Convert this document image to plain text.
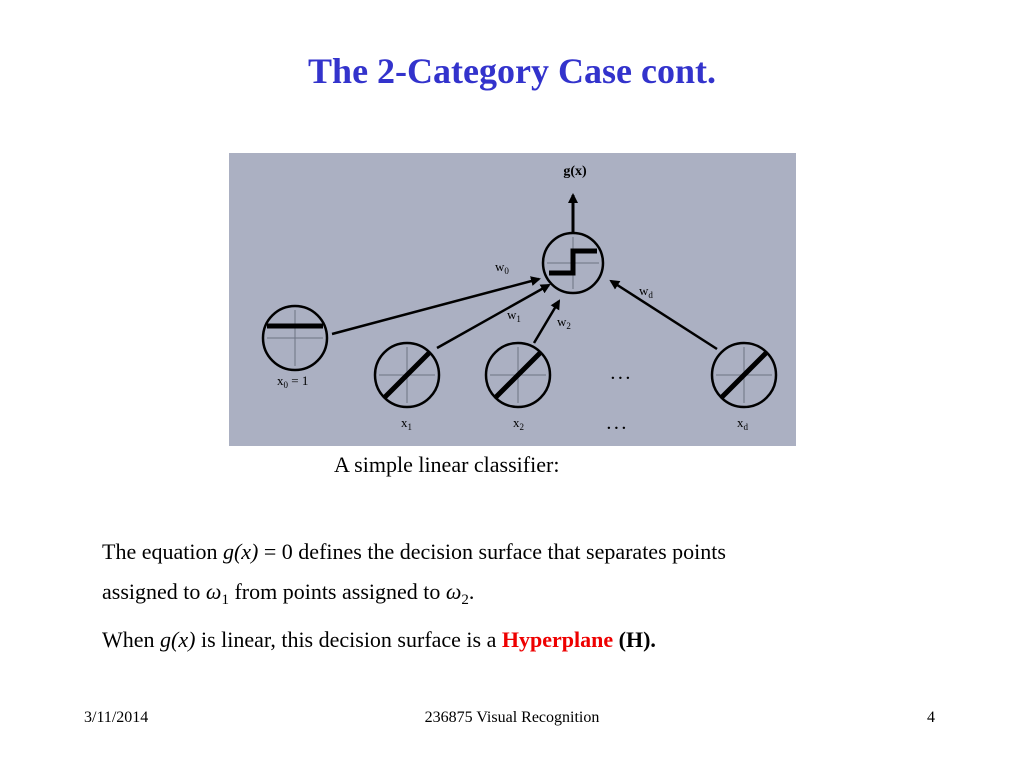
The 2-Category Case cont.
g(x)
$w_0$
$w_1$	$w_2$
$w_d$
$x_0 = 1$
$x_1$	$x_2$	$x_d$
. . .
. . .
A simple linear classifier:
The equation g(x) = 0 defines the decision surface that separates points
assigned to $\omega_1$ from points assigned to $\omega_2$.
When g(x) is linear, this decision surface is a Hyperplane (H).
3/11/2014	236875 Visual Recognition	4
